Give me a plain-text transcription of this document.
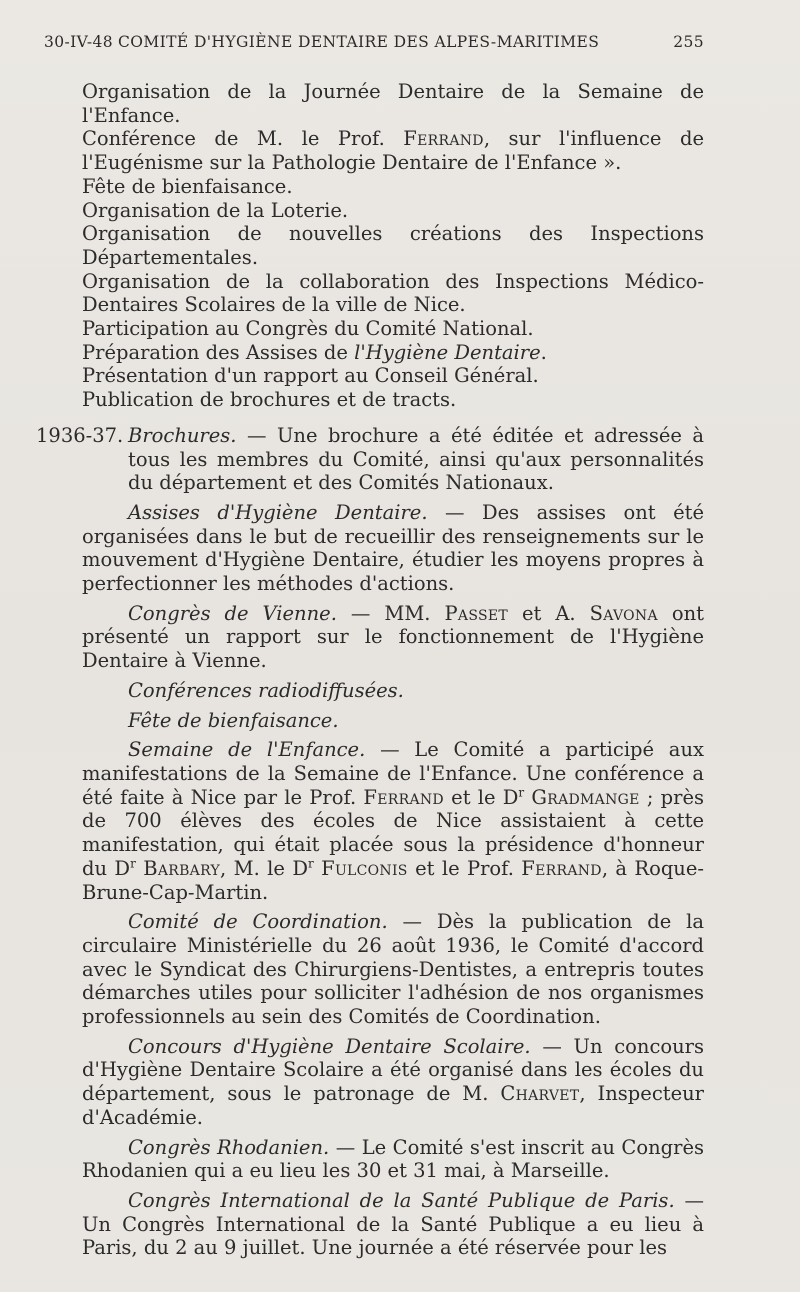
30-IV-48 COMITÉ D'HYGIÈNE DENTAIRE DES ALPES-MARITIMES	255
Organisation de la Journée Dentaire de la Semaine de l'Enfance.
Conférence de M. le Prof. Ferrand, sur l'influence de l'Eugénisme sur la Pathologie Dentaire de l'Enfance ».
Fête de bienfaisance.
Organisation de la Loterie.
Organisation de nouvelles créations des Inspections Départementales.
Organisation de la collaboration des Inspections Médico-Dentaires Scolaires de la ville de Nice.
Participation au Congrès du Comité National.
Préparation des Assises de l'Hygiène Dentaire.
Présentation d'un rapport au Conseil Général.
Publication de brochures et de tracts.
1936-37. Brochures. — Une brochure a été éditée et adressée à tous les membres du Comité, ainsi qu'aux personnalités du département et des Comités Nationaux.
Assises d'Hygiène Dentaire. — Des assises ont été organisées dans le but de recueillir des renseignements sur le mouvement d'Hygiène Dentaire, étudier les moyens propres à perfectionner les méthodes d'actions.
Congrès de Vienne. — MM. Passet et A. Savona ont présenté un rapport sur le fonctionnement de l'Hygiène Dentaire à Vienne.
Conférences radiodiffusées.
Fête de bienfaisance.
Semaine de l'Enfance. — Le Comité a participé aux manifestations de la Semaine de l'Enfance. Une conférence a été faite à Nice par le Prof. Ferrand et le $D^r$ Gradmange ; près de 700 élèves des écoles de Nice assistaient à cette manifestation, qui était placée sous la présidence d'honneur du $D^r$ Barbary, M. le $D^r$ Fulconis et le Prof. Ferrand, à Roque-Brune-Cap-Martin.
Comité de Coordination. — Dès la publication de la circulaire Ministérielle du 26 août 1936, le Comité d'accord avec le Syndicat des Chirurgiens-Dentistes, a entrepris toutes démarches utiles pour solliciter l'adhésion de nos organismes professionnels au sein des Comités de Coordination.
Concours d'Hygiène Dentaire Scolaire. — Un concours d'Hygiène Dentaire Scolaire a été organisé dans les écoles du département, sous le patronage de M. Charvet, Inspecteur d'Académie.
Congrès Rhodanien. — Le Comité s'est inscrit au Congrès Rhodanien qui a eu lieu les 30 et 31 mai, à Marseille.
Congrès International de la Santé Publique de Paris. — Un Congrès International de la Santé Publique a eu lieu à Paris, du 2 au 9 juillet. Une journée a été réservée pour les
